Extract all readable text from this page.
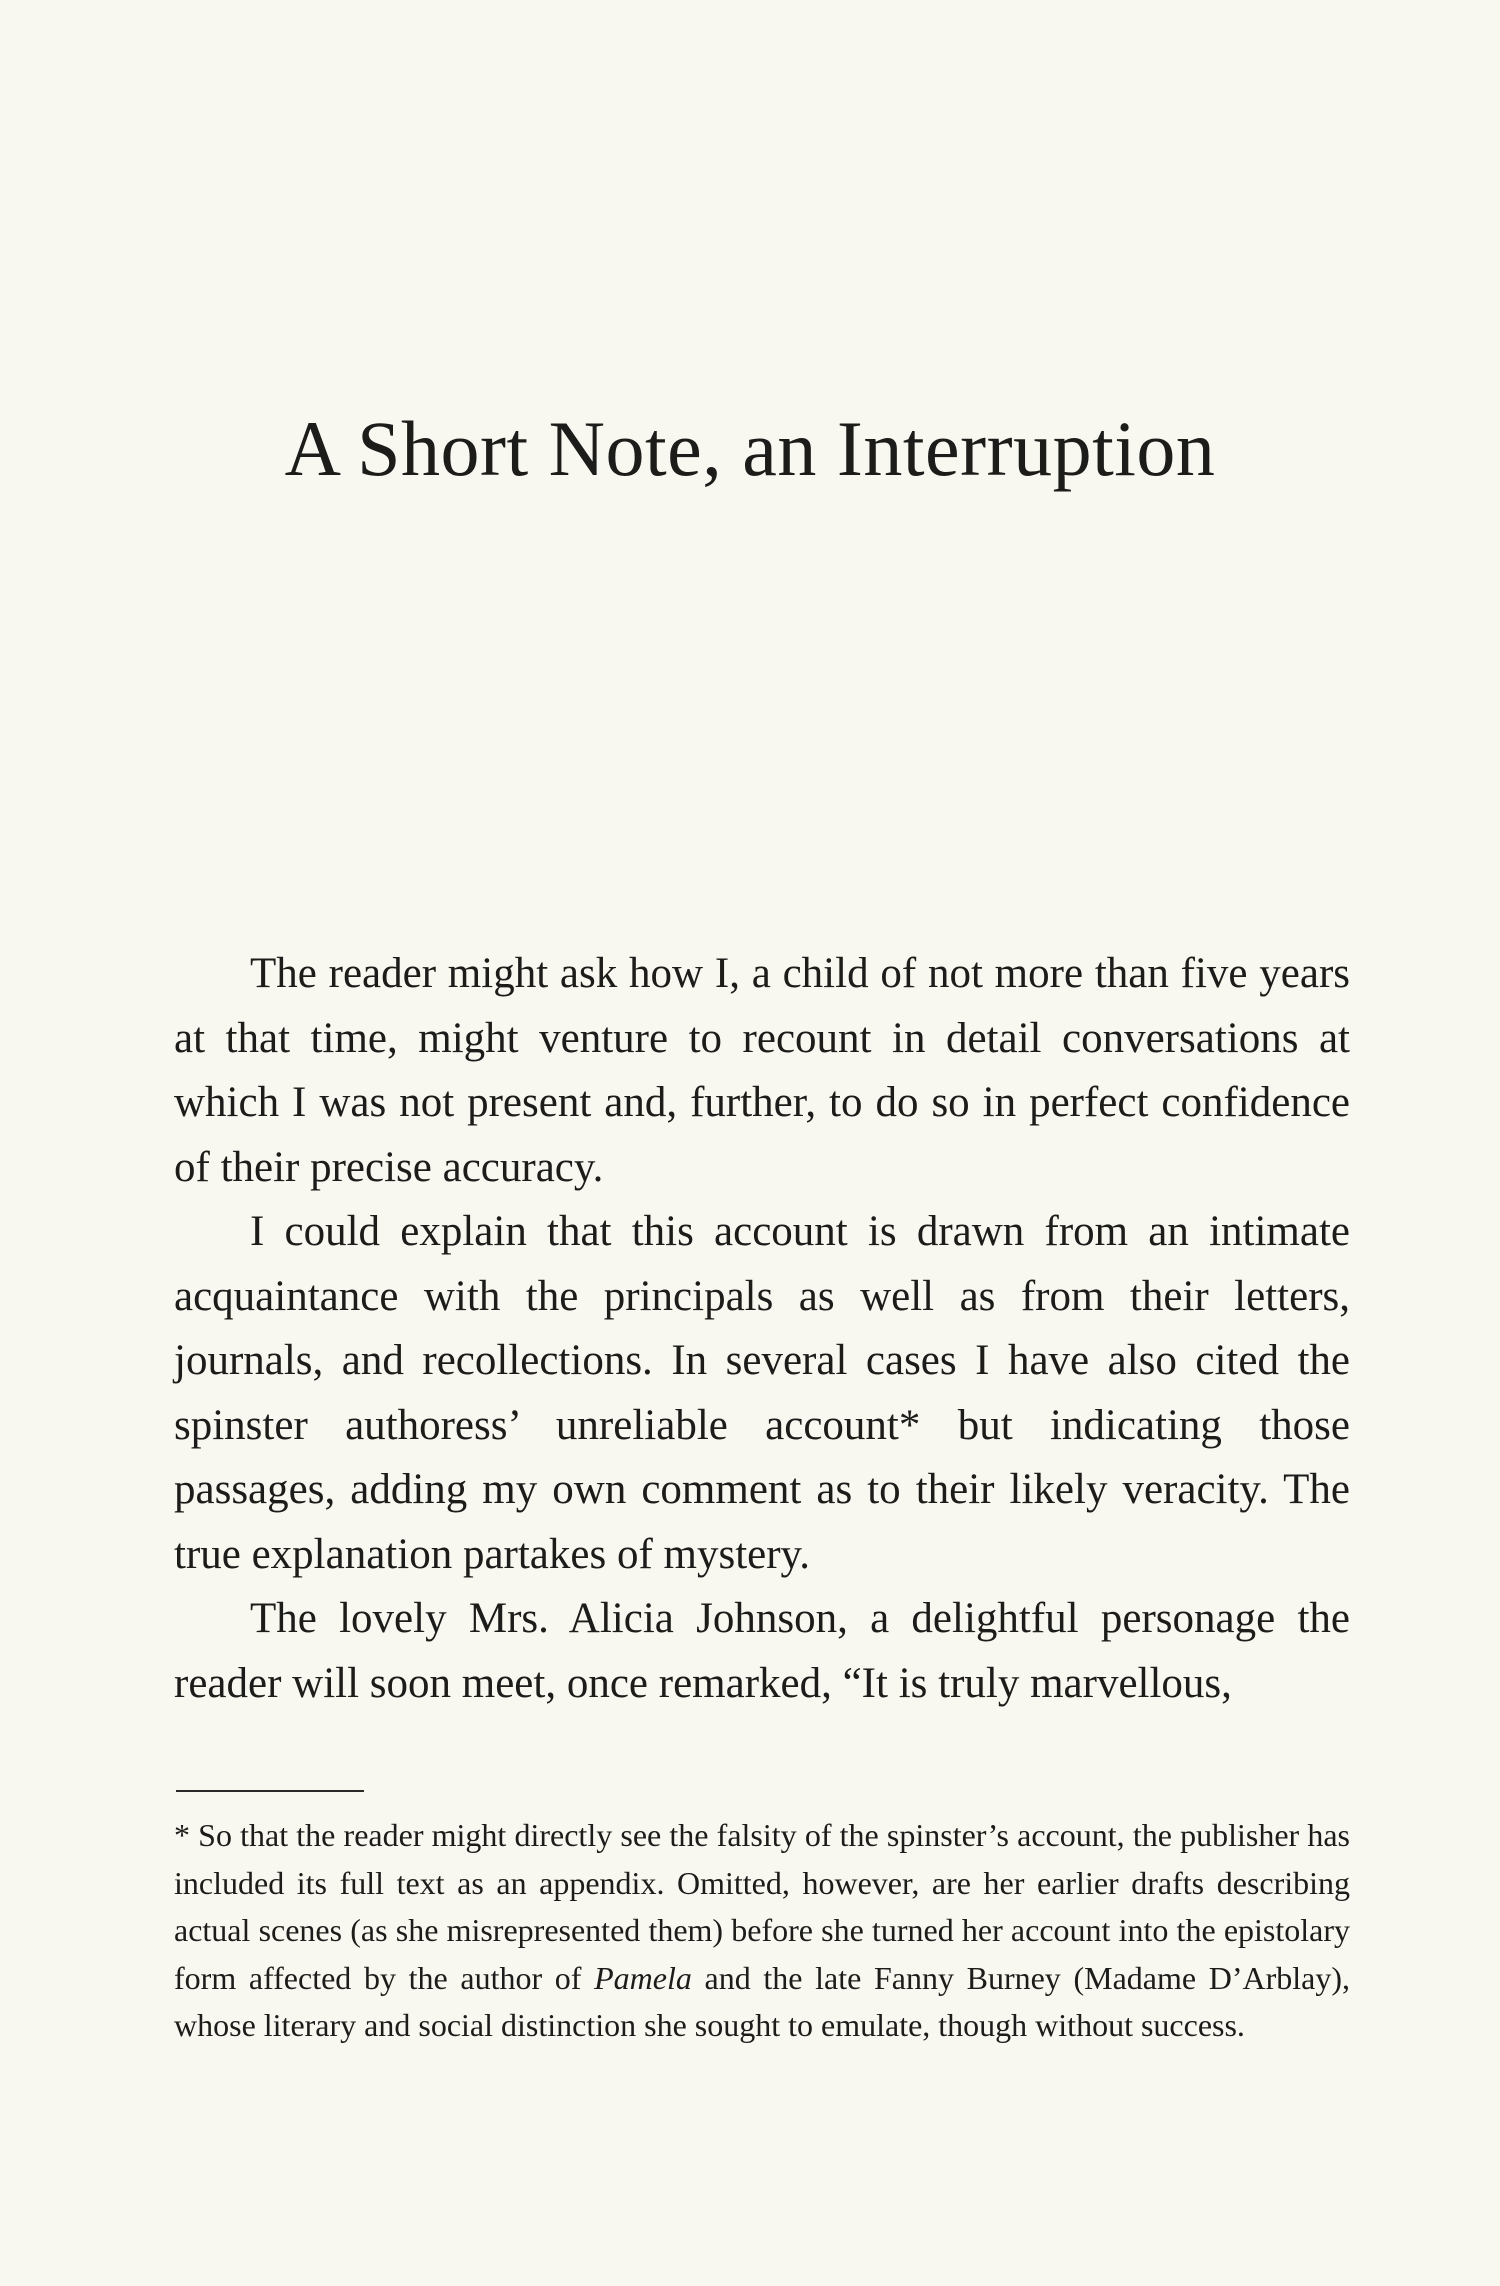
A Short Note, an Interruption

The reader might ask how I, a child of not more than five years at that time, might venture to recount in detail conversations at which I was not present and, further, to do so in perfect confidence of their precise accuracy.

I could explain that this account is drawn from an intimate acquaintance with the principals as well as from their letters, journals, and recollections. In several cases I have also cited the spinster authoress’ unreliable account* but indicating those passages, adding my own comment as to their likely veracity. The true explanation partakes of mystery.

The lovely Mrs. Alicia Johnson, a delightful personage the reader will soon meet, once remarked, “It is truly marvellous,

* So that the reader might directly see the falsity of the spinster’s account, the publisher has included its full text as an appendix. Omitted, however, are her earlier drafts describing actual scenes (as she misrepresented them) before she turned her account into the epistolary form affected by the author of Pamela and the late Fanny Burney (Madame D’Arblay), whose literary and social distinction she sought to emulate, though without success.
